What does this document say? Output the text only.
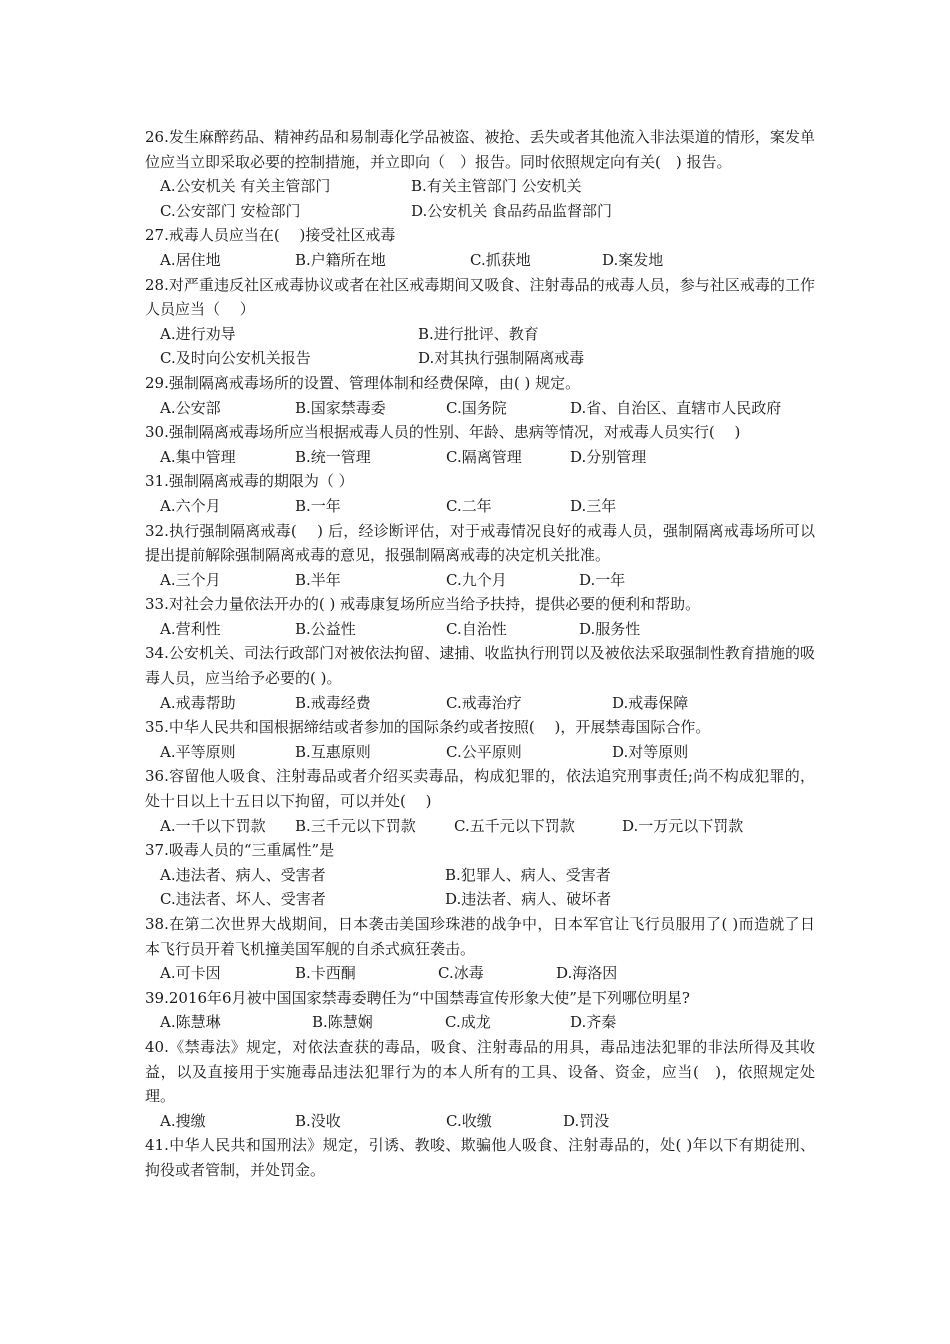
26.发生麻醉药品、精神药品和易制毒化学品被盗、被抢、丢失或者其他流入非法渠道的情形，案发单位应当立即采取必要的控制措施，并立即向（　）报告。同时依照规定向有关(　) 报告。
A.公安机关 有关主管部门	B.有关主管部门 公安机关
C.公安部门 安检部门	D.公安机关 食品药品监督部门
27.戒毒人员应当在(　 )接受社区戒毒
A.居住地	B.户籍所在地	C.抓获地	D.案发地
28.对严重违反社区戒毒协议或者在社区戒毒期间又吸食、注射毒品的戒毒人员，参与社区戒毒的工作人员应当（　 ）
A.进行劝导	B.进行批评、教育
C.及时向公安机关报告	D.对其执行强制隔离戒毒
29.强制隔离戒毒场所的设置、管理体制和经费保障，由( ) 规定。
A.公安部	B.国家禁毒委	C.国务院	D.省、自治区、直辖市人民政府
30.强制隔离戒毒场所应当根据戒毒人员的性别、年龄、患病等情况，对戒毒人员实行(　 )
A.集中管理	B.统一管理	C.隔离管理	D.分别管理
31.强制隔离戒毒的期限为（ ）
A.六个月	B.一年	C.二年	D.三年
32.执行强制隔离戒毒(　 ) 后，经诊断评估，对于戒毒情况良好的戒毒人员，强制隔离戒毒场所可以提出提前解除强制隔离戒毒的意见，报强制隔离戒毒的决定机关批准。
A.三个月	B.半年	C.九个月	D.一年
33.对社会力量依法开办的( ) 戒毒康复场所应当给予扶持，提供必要的便利和帮助。
A.营利性	B.公益性	C.自治性	D.服务性
34.公安机关、司法行政部门对被依法拘留、逮捕、收监执行刑罚以及被依法采取强制性教育措施的吸毒人员，应当给予必要的( )。
A.戒毒帮助	B.戒毒经费	C.戒毒治疗	D.戒毒保障
35.中华人民共和国根据缔结或者参加的国际条约或者按照(　 )，开展禁毒国际合作。
A.平等原则	B.互惠原则	C.公平原则	D.对等原则
36.容留他人吸食、注射毒品或者介绍买卖毒品，构成犯罪的，依法追究刑事责任;尚不构成犯罪的，处十日以上十五日以下拘留，可以并处(　 )
A.一千以下罚款	B.三千元以下罚款	C.五千元以下罚款	D.一万元以下罚款
37.吸毒人员的“三重属性”是
A.违法者、病人、受害者	B.犯罪人、病人、受害者
C.违法者、坏人、受害者	D.违法者、病人、破坏者
38.在第二次世界大战期间，日本袭击美国珍珠港的战争中，日本军官让飞行员服用了( )而造就了日本飞行员开着飞机撞美国军舰的自杀式疯狂袭击。
A.可卡因	B.卡西酮	C.冰毒	D.海洛因
39.2016年6月被中国国家禁毒委聘任为“中国禁毒宣传形象大使”是下列哪位明星?
A.陈慧琳	B.陈慧娴	C.成龙	D.齐秦
40.《禁毒法》规定，对依法查获的毒品，吸食、注射毒品的用具，毒品违法犯罪的非法所得及其收益，以及直接用于实施毒品违法犯罪行为的本人所有的工具、设备、资金，应当(　)，依照规定处理。
A.搜缴	B.没收	C.收缴	D.罚没
41.中华人民共和国刑法》规定，引诱、教唆、欺骗他人吸食、注射毒品的，处( )年以下有期徒刑、拘役或者管制，并处罚金。
